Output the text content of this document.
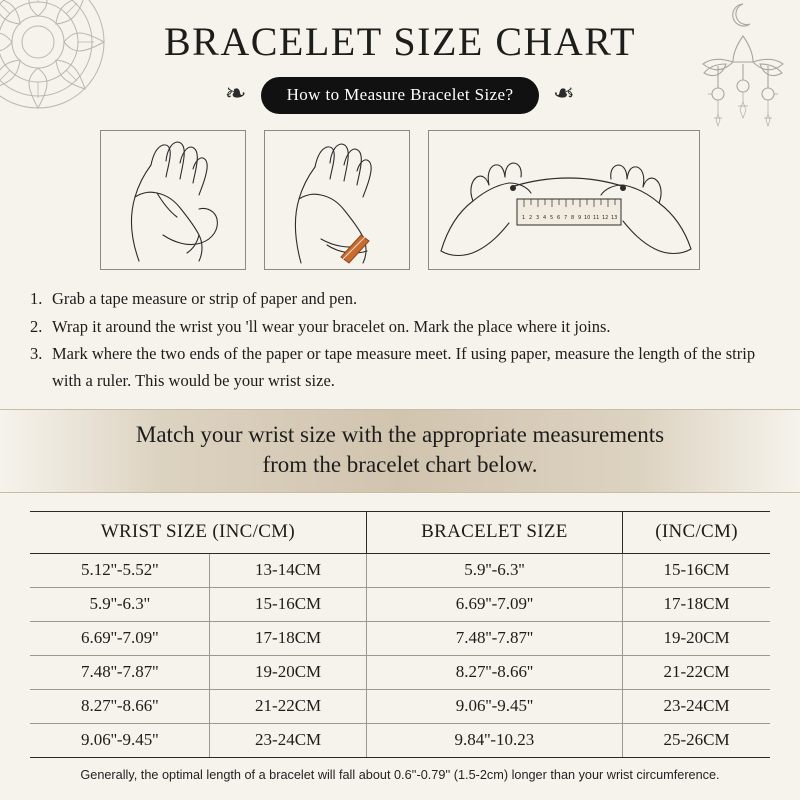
BRACELET SIZE CHART
❧	How to Measure Bracelet Size?	❧
1 2 3 4 5 6 7 8 9 10 11 12 13
1. Grab a tape measure or strip of paper and pen.
2. Wrap it around the wrist you 'll wear your bracelet on. Mark the place where it joins.
3. Mark where the two ends of the paper or tape measure meet. If using paper, measure the length of the strip with a ruler. This would be your wrist size.
Match your wrist size with the appropriate measurements
from the bracelet chart below.
WRIST SIZE (INC/CM)		BRACELET SIZE	(INC/CM)
5.12''-5.52''	13-14CM	5.9''-6.3''	15-16CM
5.9''-6.3''	15-16CM	6.69''-7.09''	17-18CM
6.69''-7.09''	17-18CM	7.48''-7.87''	19-20CM
7.48''-7.87''	19-20CM	8.27''-8.66''	21-22CM
8.27''-8.66''	21-22CM	9.06''-9.45''	23-24CM
9.06''-9.45''	23-24CM	9.84''-10.23	25-26CM
Generally, the optimal length of a bracelet will fall about 0.6''-0.79'' (1.5-2cm) longer than your wrist circumference.
